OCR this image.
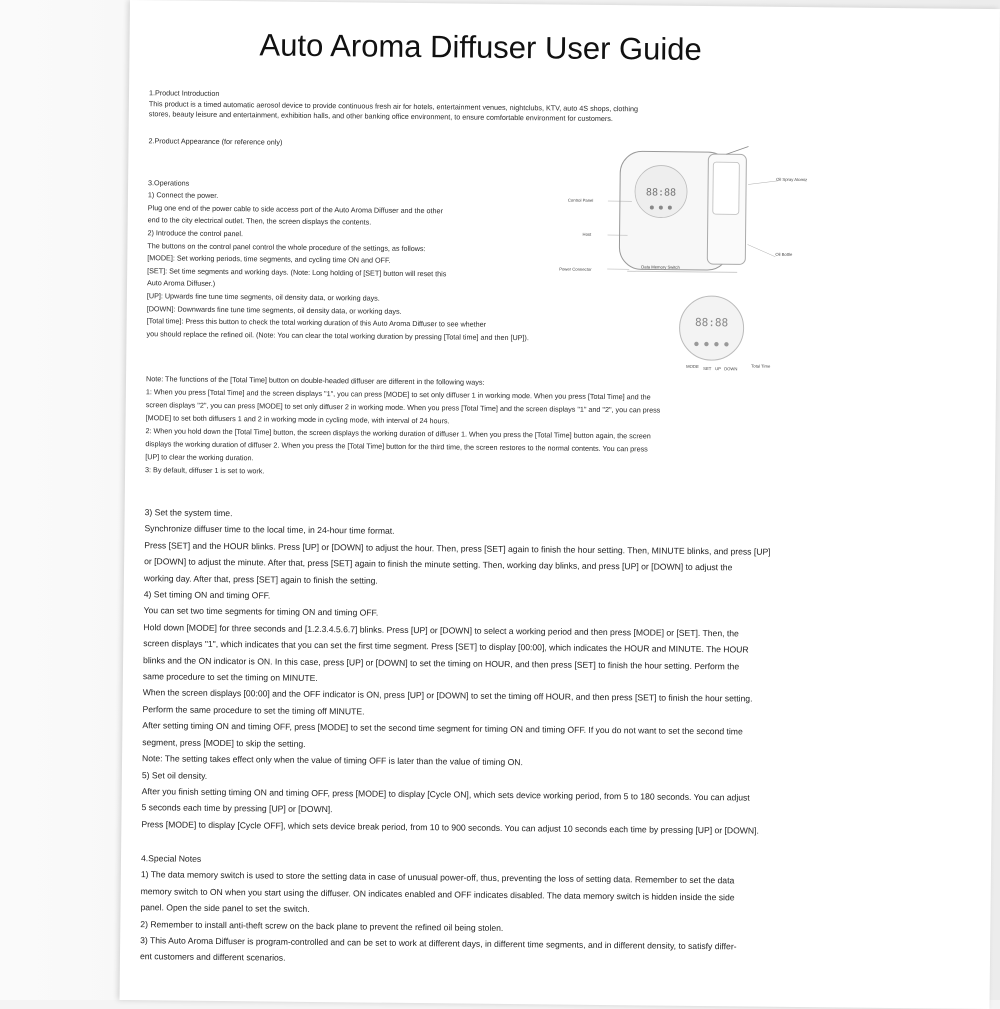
Auto Aroma Diffuser User Guide
1.Product Introduction
This product is a timed automatic aerosol device to provide continuous fresh air for hotels, entertainment venues, nightclubs, KTV, auto 4S shops, clothing
stores, beauty leisure and entertainment, exhibition halls, and other banking office environment, to ensure comfortable environment for customers.
2.Product Appearance (for reference only)
3.Operations
1) Connect the power.
Plug one end of the power cable to side access port of the Auto Aroma Diffuser and the other
end to the city electrical outlet. Then, the screen displays the contents.
2) Introduce the control panel.
The buttons on the control panel control the whole procedure of the settings, as follows:
[MODE]: Set working periods, time segments, and cycling time ON and OFF.
[SET]: Set time segments and working days. (Note: Long holding of [SET] button will reset this
Auto Aroma Diffuser.)
[UP]: Upwards fine tune time segments, oil density data, or working days.
[DOWN]: Downwards fine tune time segments, oil density data, or working days.
[Total time]: Press this button to check the total working duration of this Auto Aroma Diffuser to see whether
you should replace the refined oil. (Note: You can clear the total working duration by pressing [Total time] and then [UP]).
88:88
Control Panel
Host
Power Connector	Data Memory Switch
Oil Spray Atomiz
Oil Bottle
88:88
MODE SET UP DOWN
Total Time
Note: The functions of the [Total Time] button on double-headed diffuser are different in the following ways:
1: When you press [Total Time] and the screen displays "1", you can press [MODE] to set only diffuser 1 in working mode. When you press [Total Time] and the
screen displays "2", you can press [MODE] to set only diffuser 2 in working mode. When you press [Total Time] and the screen displays "1" and "2", you can press
[MODE] to set both diffusers 1 and 2 in working mode in cycling mode, with interval of 24 hours.
2: When you hold down the [Total Time] button, the screen displays the working duration of diffuser 1. When you press the [Total Time] button again, the screen
displays the working duration of diffuser 2. When you press the [Total Time] button for the third time, the screen restores to the normal contents. You can press
[UP] to clear the working duration.
3: By default, diffuser 1 is set to work.

3) Set the system time.

Synchronize diffuser time to the local time, in 24-hour time format.

Press [SET] and the HOUR blinks. Press [UP] or [DOWN] to adjust the hour. Then, press [SET] again to finish the hour setting. Then, MINUTE blinks, and press [UP]

or [DOWN] to adjust the minute. After that, press [SET] again to finish the minute setting. Then, working day blinks, and press [UP] or [DOWN] to adjust the

working day. After that, press [SET] again to finish the setting.

4) Set timing ON and timing OFF.

You can set two time segments for timing ON and timing OFF.

Hold down [MODE] for three seconds and [1.2.3.4.5.6.7] blinks. Press [UP] or [DOWN] to select a working period and then press [MODE] or [SET]. Then, the

screen displays "1", which indicates that you can set the first time segment. Press [SET] to display [00:00], which indicates the HOUR and MINUTE. The HOUR

blinks and the ON indicator is ON. In this case, press [UP] or [DOWN] to set the timing on HOUR, and then press [SET] to finish the hour setting. Perform the

same procedure to set the timing on MINUTE.

When the screen displays [00:00] and the OFF indicator is ON, press [UP] or [DOWN] to set the timing off HOUR, and then press [SET] to finish the hour setting.

Perform the same procedure to set the timing off MINUTE.

After setting timing ON and timing OFF, press [MODE] to set the second time segment for timing ON and timing OFF. If you do not want to set the second time

segment, press [MODE] to skip the setting.

Note: The setting takes effect only when the value of timing OFF is later than the value of timing ON.

5) Set oil density.

After you finish setting timing ON and timing OFF, press [MODE] to display [Cycle ON], which sets device working period, from 5 to 180 seconds. You can adjust

5 seconds each time by pressing [UP] or [DOWN].

Press [MODE] to display [Cycle OFF], which sets device break period, from 10 to 900 seconds. You can adjust 10 seconds each time by pressing [UP] or [DOWN].

4.Special Notes

1) The data memory switch is used to store the setting data in case of unusual power-off, thus, preventing the loss of setting data. Remember to set the data

memory switch to ON when you start using the diffuser. ON indicates enabled and OFF indicates disabled. The data memory switch is hidden inside the side

panel. Open the side panel to set the switch.

2) Remember to install anti-theft screw on the back plane to prevent the refined oil being stolen.

3) This Auto Aroma Diffuser is program-controlled and can be set to work at different days, in different time segments, and in different density, to satisfy differ-

ent customers and different scenarios.
